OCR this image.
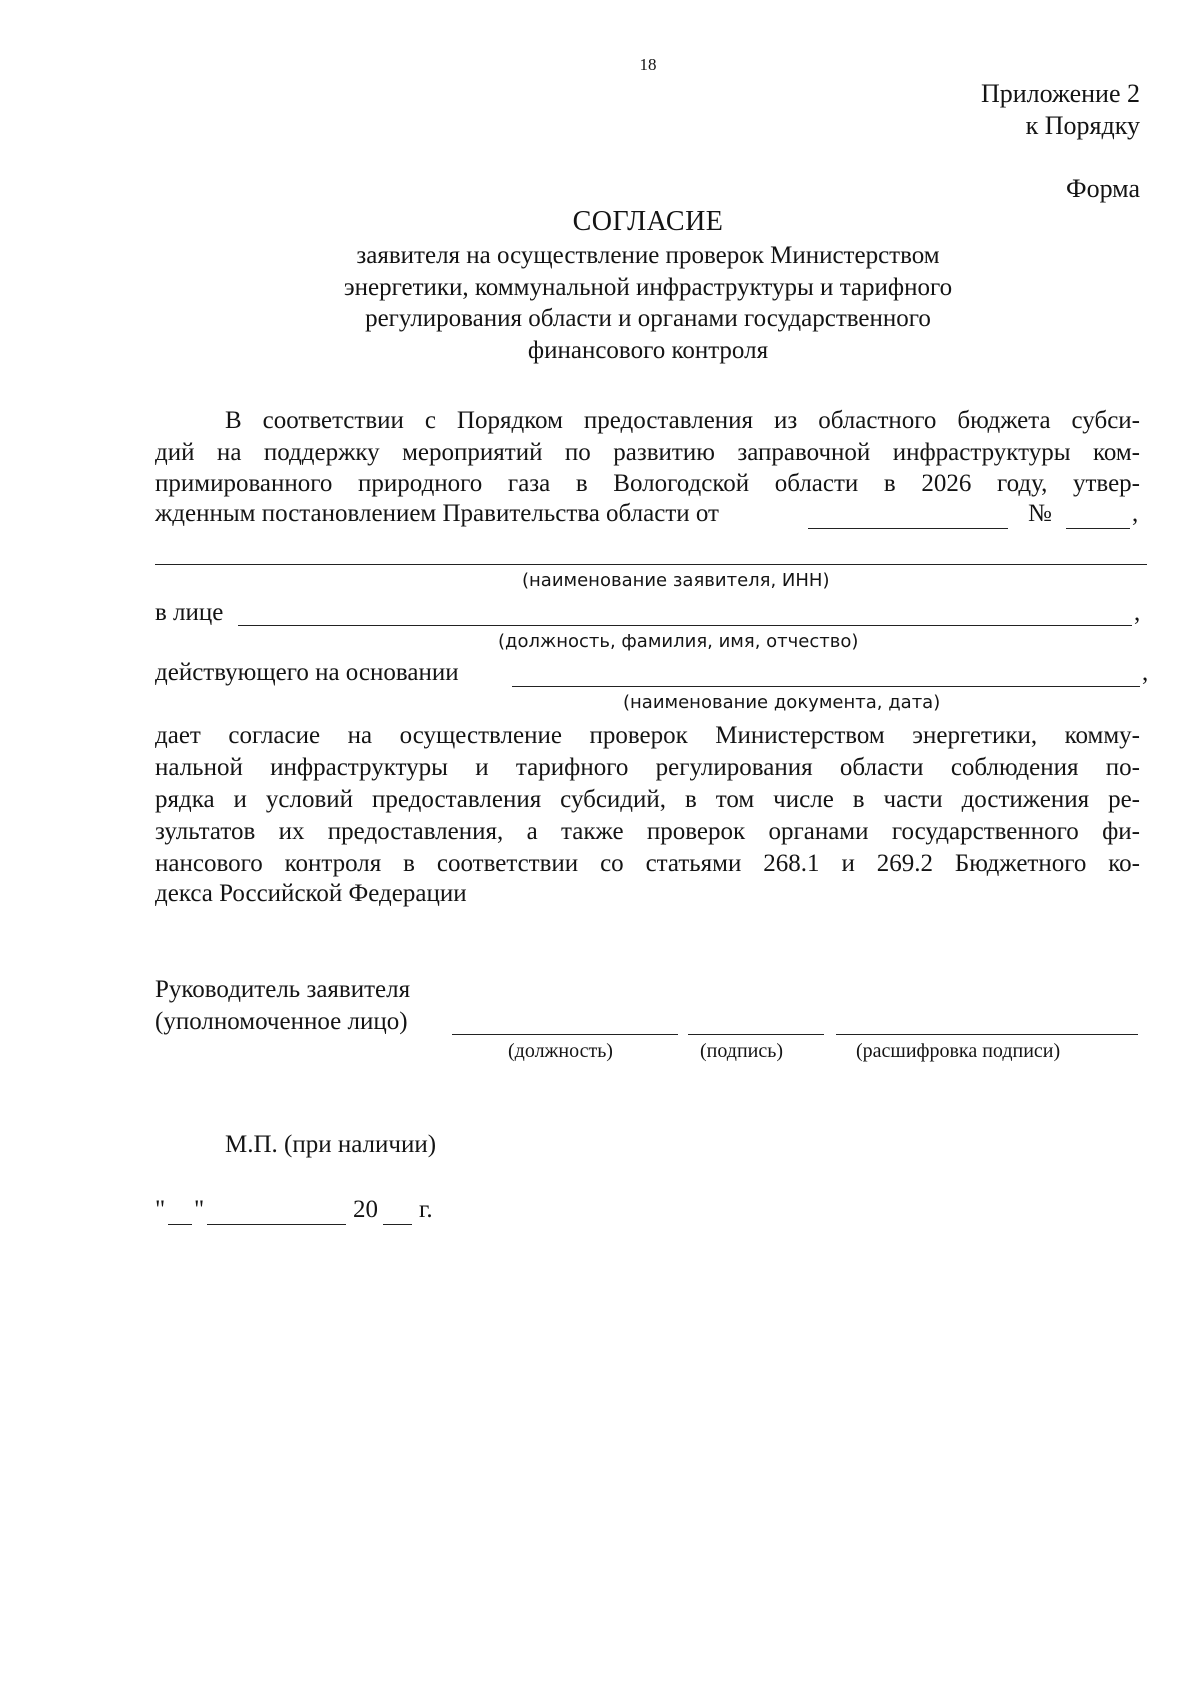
18
Приложение 2
к Порядку
Форма
СОГЛАСИЕ
заявителя на осуществление проверок Министерством
энергетики, коммунальной инфраструктуры и тарифного
регулирования области и органами государственного
финансового контроля
В соответствии с Порядком предоставления из областного бюджета субси-
дий на поддержку мероприятий по развитию заправочной инфраструктуры ком-
примированного природного газа в Вологодской области в 2026 году, утвер-
жденным постановлением Правительства области от	№	,
(наименование заявителя, ИНН)
в лице	,
(должность, фамилия, имя, отчество)
действующего на основании	,
(наименование документа, дата)
дает согласие на осуществление проверок Министерством энергетики, комму-
нальной инфраструктуры и тарифного регулирования области соблюдения по-
рядка и условий предоставления субсидий, в том числе в части достижения ре-
зультатов их предоставления, а также проверок органами государственного фи-
нансового контроля в соответствии со статьями 268.1 и 269.2 Бюджетного ко-
декса Российской Федерации
Руководитель заявителя
(уполномоченное лицо)
(должность)	(подпись)	(расшифровка подписи)
М.П. (при наличии)
" "	20 г.
